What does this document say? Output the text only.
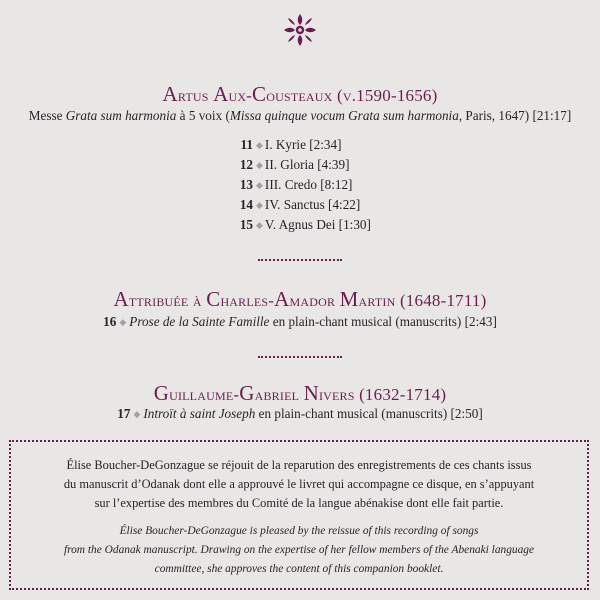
Artus Aux-Cousteaux (v.1590-1656)
Messe Grata sum harmonia à 5 voix (Missa quinque vocum Grata sum harmonia, Paris, 1647) [21:17]
11 ◆ I. Kyrie [2:34]
12 ◆ II. Gloria [4:39]
13 ◆ III. Credo [8:12]
14 ◆ IV. Sanctus [4:22]
15 ◆ V. Agnus Dei [1:30]
Attribuée à Charles-Amador Martin (1648-1711)
16 ◆ Prose de la Sainte Famille en plain-chant musical (manuscrits) [2:43]
Guillaume-Gabriel Nivers (1632-1714)
17 ◆ Introït à saint Joseph en plain-chant musical (manuscrits) [2:50]

Élise Boucher-DeGonzague se réjouit de la reparution des enregistrements de ces chants issus

du manuscrit d’Odanak dont elle a approuvé le livret qui accompagne ce disque, en s’appuyant

sur l’expertise des membres du Comité de la langue abénakise dont elle fait partie.

Élise Boucher-DeGonzague is pleased by the reissue of this recording of songs

from the Odanak manuscript. Drawing on the expertise of her fellow members of the Abenaki language

committee, she approves the content of this companion booklet.
